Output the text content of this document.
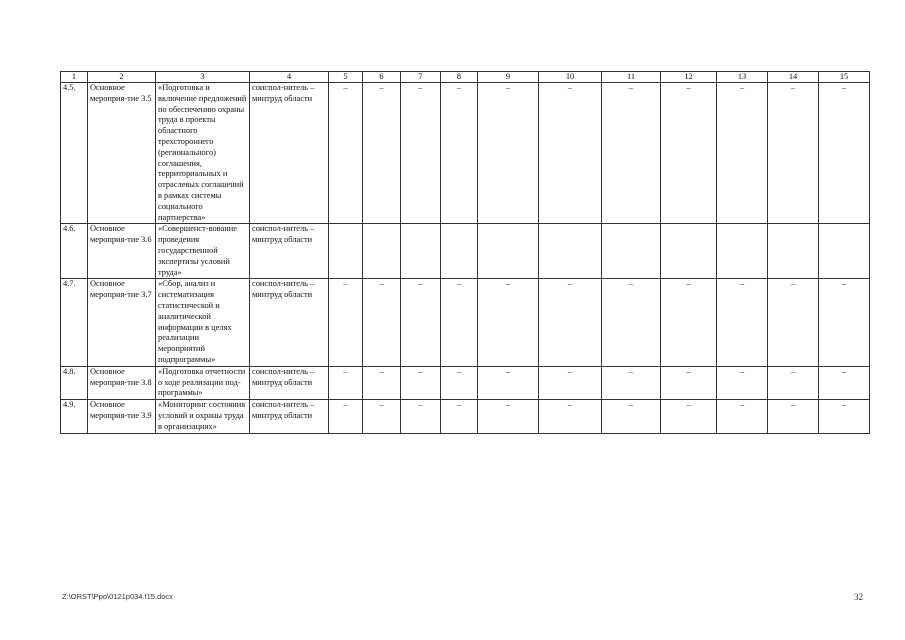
1	2	3	4	5	6	7	8	9	10	11	12	13	14	15
4.5.	Основное мероприя-тие 3.5	«Подготовка и включение предложений по обеспечению охраны труда в проекты областного трехстороннего (регионального) соглашения, территориальных и отраслевых соглашений в рамках системы социального партнерства»	соиспол-нитель – минтруд области	–	–	–	–	–	–	–	–	–	–	–
4.6.	Основное мероприя-тие 3.6	«Совершенст-вование проведения государственной экспертизы условий труда»	соиспол-нитель – минтруд области											
4.7.	Основное мероприя-тие 3.7	«Сбор, анализ и систематизация статистической и аналитической информации в целях реализации мероприятий подпрограммы»	соиспол-нитель – минтруд области	–	–	–	–	–	–	–	–	–	–	–
4.8.	Основное мероприя-тие 3.8	«Подготовка отчетности о ходе реализации под-программы»	соиспол-нитель – минтруд области	–	–	–	–	–	–	–	–	–	–	–
4.9.	Основное мероприя-тие 3.9	«Мониторинг состояния условий и охраны труда в организациях»	соиспол-нитель – минтруд области	–	–	–	–	–	–	–	–	–	–	–
Z:\ORST\Ppo\0121p034.f15.docx	32
